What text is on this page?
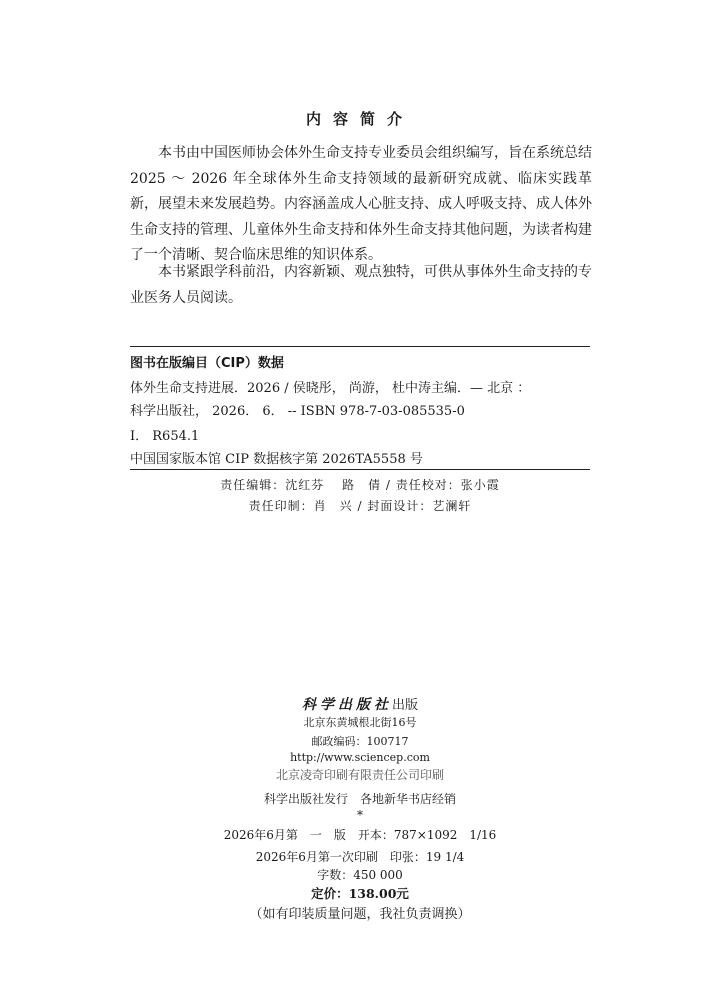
内容简介
本书由中国医师协会体外生命支持专业委员会组织编写，旨在系统总结 2025 ～ 2026 年全球体外生命支持领域的最新研究成就、临床实践革新，展望未来发展趋势。内容涵盖成人心脏支持、成人呼吸支持、成人体外生命支持的管理、儿童体外生命支持和体外生命支持其他问题，为读者构建了一个清晰、契合临床思维的知识体系。
本书紧跟学科前沿，内容新颖、观点独特，可供从事体外生命支持的专业医务人员阅读。
图书在版编目（CIP）数据
体外生命支持进展．2026 / 侯晓彤， 尚游， 杜中涛主编．— 北京 ：
科学出版社， 2026． 6． -- ISBN 978-7-03-085535-0
Ⅰ． R654.1
中国国家版本馆 CIP 数据核字第 2026TA5558 号
责任编辑：沈红芬　 路　倩 / 责任校对：张小霞
责任印制：肖　兴 / 封面设计：艺澜轩
科学出版社出版
北京东黄城根北街16号
邮政编码：100717
http://www.sciencep.com
北京凌奇印刷有限责任公司印刷
科学出版社发行　各地新华书店经销
*
2026年6月第　一　版　开本：787×1092　1/16
2026年6月第一次印刷　印张：19 1/4
字数：450 000
定价：138.00元
（如有印装质量问题，我社负责调换）
